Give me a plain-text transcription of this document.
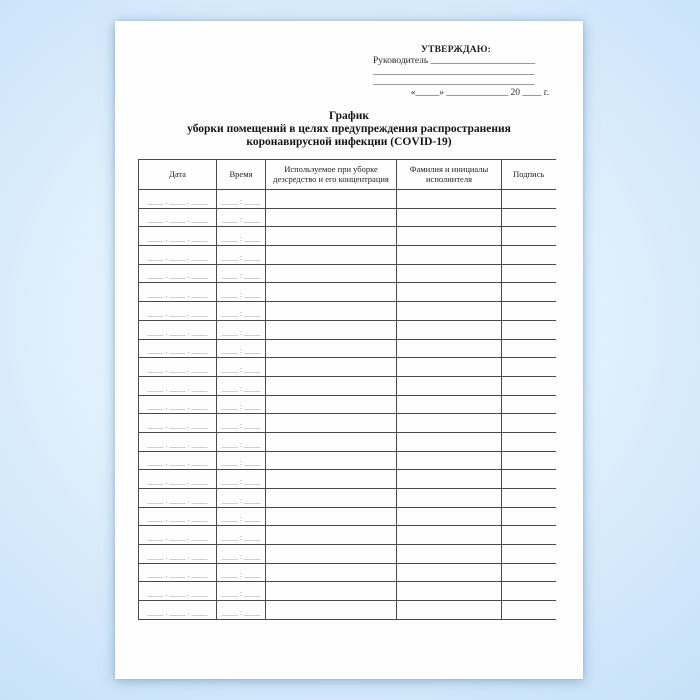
УТВЕРЖДАЮ:
Руководитель ______________________
__________________________________
__________________________________
«_____» _____________ 20 ____ г.
График
уборки помещений в целях предупреждения распространения
коронавирусной инфекции (COVID-19)
Дата	Время	Используемое при уборке дезсредство и его концентрация	Фамилия и инициалы исполнителя	Подпись
____ . ____ . ____	____ : ____			
____ . ____ . ____	____ : ____			
____ . ____ . ____	____ : ____			
____ . ____ . ____	____ : ____			
____ . ____ . ____	____ : ____			
____ . ____ . ____	____ : ____			
____ . ____ . ____	____ : ____			
____ . ____ . ____	____ : ____			
____ . ____ . ____	____ : ____			
____ . ____ . ____	____ : ____			
____ . ____ . ____	____ : ____			
____ . ____ . ____	____ : ____			
____ . ____ . ____	____ : ____			
____ . ____ . ____	____ : ____			
____ . ____ . ____	____ : ____			
____ . ____ . ____	____ : ____			
____ . ____ . ____	____ : ____			
____ . ____ . ____	____ : ____			
____ . ____ . ____	____ : ____			
____ . ____ . ____	____ : ____			
____ . ____ . ____	____ : ____			
____ . ____ . ____	____ : ____			
____ . ____ . ____	____ : ____			
